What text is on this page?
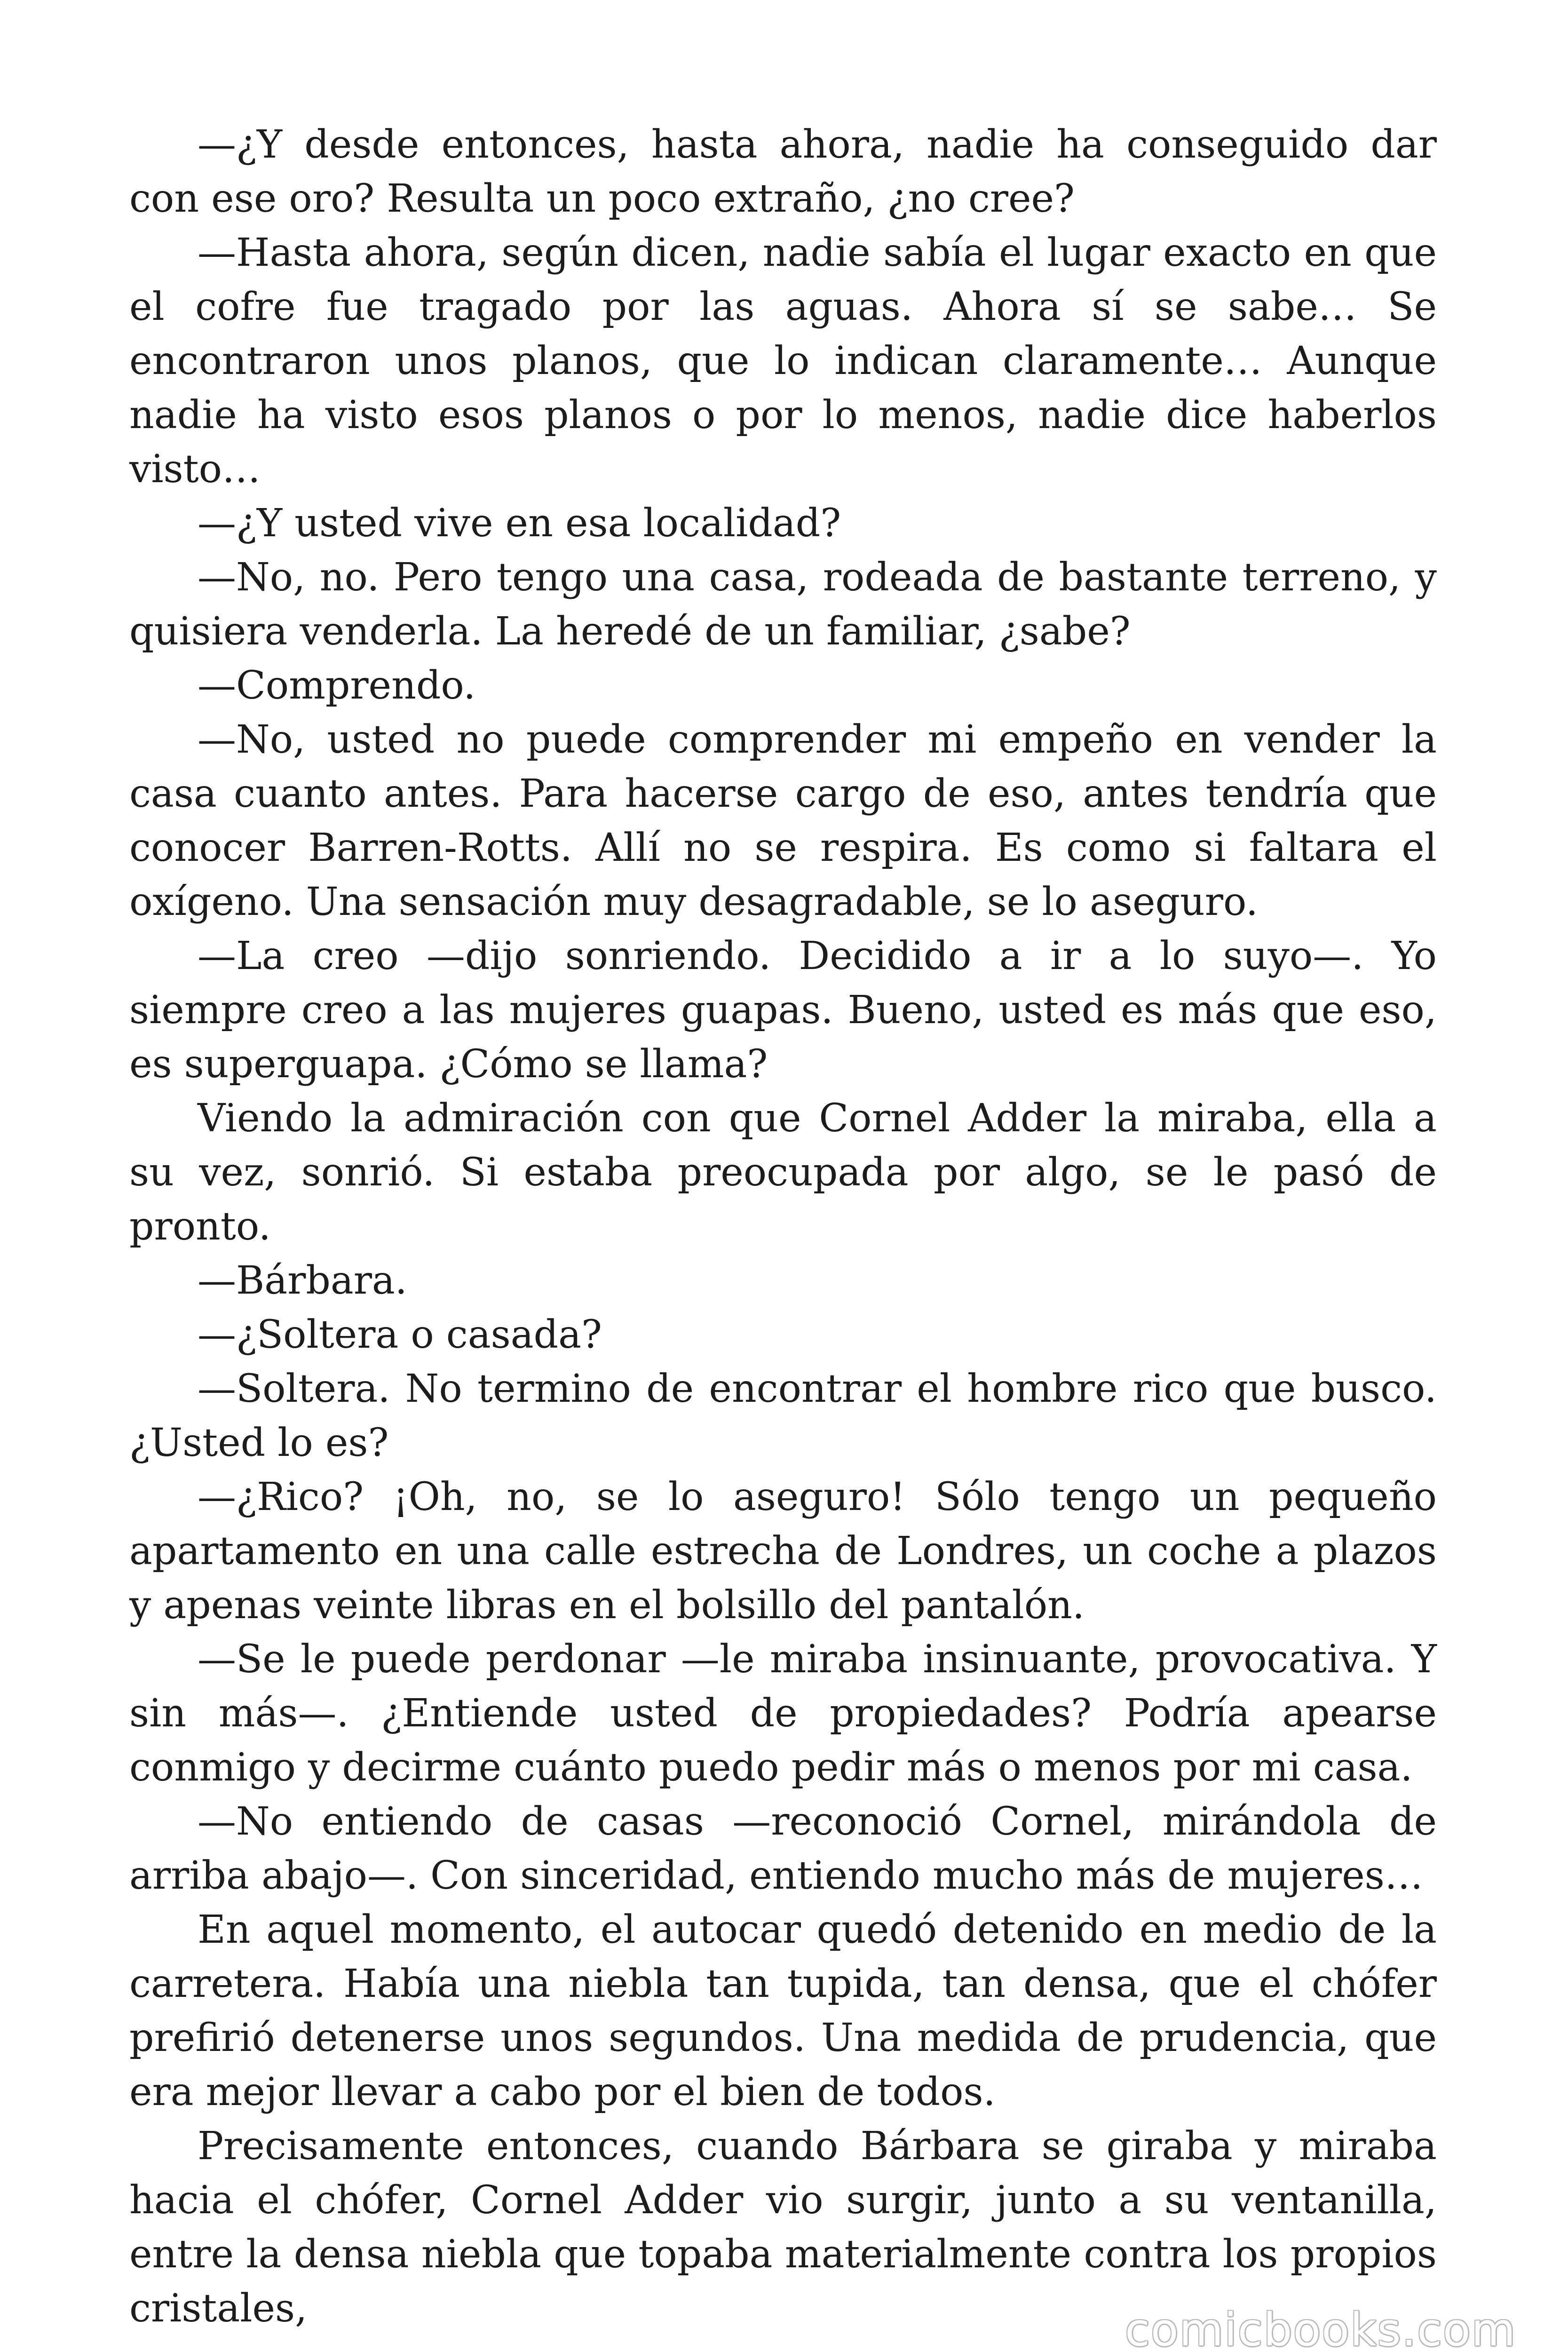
—¿Y desde entonces, hasta ahora, nadie ha conseguido dar con ese oro? Resulta un poco extraño, ¿no cree?

—Hasta ahora, según dicen, nadie sabía el lugar exacto en que el cofre fue tragado por las aguas. Ahora sí se sabe… Se encontraron unos planos, que lo indican claramente… Aunque nadie ha visto esos planos o por lo menos, nadie dice haberlos visto…

—¿Y usted vive en esa localidad?

—No, no. Pero tengo una casa, rodeada de bastante terreno, y quisiera venderla. La heredé de un familiar, ¿sabe?

—Comprendo.

—No, usted no puede comprender mi empeño en vender la casa cuanto antes. Para hacerse cargo de eso, antes tendría que conocer Barren-Rotts. Allí no se respira. Es como si faltara el oxígeno. Una sensación muy desagradable, se lo aseguro.

—La creo —dijo sonriendo. Decidido a ir a lo suyo—. Yo siempre creo a las mujeres guapas. Bueno, usted es más que eso, es superguapa. ¿Cómo se llama?

Viendo la admiración con que Cornel Adder la miraba, ella a su vez, sonrió. Si estaba preocupada por algo, se le pasó de pronto.

—Bárbara.

—¿Soltera o casada?

—Soltera. No termino de encontrar el hombre rico que busco. ¿Usted lo es?

—¿Rico? ¡Oh, no, se lo aseguro! Sólo tengo un pequeño apartamento en una calle estrecha de Londres, un coche a plazos y apenas veinte libras en el bolsillo del pantalón.

—Se le puede perdonar —le miraba insinuante, provocativa. Y sin más—. ¿Entiende usted de propiedades? Podría apearse conmigo y decirme cuánto puedo pedir más o menos por mi casa.

—No entiendo de casas —reconoció Cornel, mirándola de arriba abajo—. Con sinceridad, entiendo mucho más de mujeres…

En aquel momento, el autocar quedó detenido en medio de la carretera. Había una niebla tan tupida, tan densa, que el chófer prefirió detenerse unos segundos. Una medida de prudencia, que era mejor llevar a cabo por el bien de todos.

Precisamente entonces, cuando Bárbara se giraba y miraba hacia el chófer, Cornel Adder vio surgir, junto a su ventanilla, entre la densa niebla que topaba materialmente contra los propios cristales,	comicbooks.com
